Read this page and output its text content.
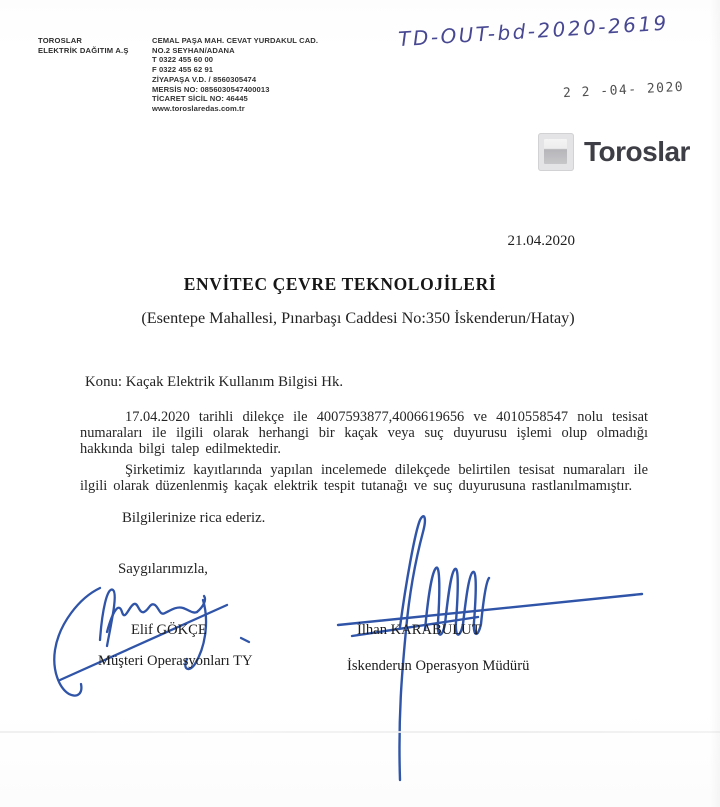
TOROSLAR
ELEKTRİK DAĞITIM A.Ş
CEMAL PAŞA MAH. CEVAT YURDAKUL CAD.
NO.2 SEYHAN/ADANA
T 0322 455 60 00
F 0322 455 62 91
ZİYAPAŞA V.D. / 8560305474
MERSİS NO: 0856030547400013
TİCARET SİCİL NO: 46445
www.toroslaredas.com.tr
TD-OUT-bd-2020-2619
2 2 -04- 2020
Toroslar
21.04.2020
ENVİTEC ÇEVRE TEKNOLOJİLERİ
(Esentepe Mahallesi, Pınarbaşı Caddesi No:350 İskenderun/Hatay)
Konu: Kaçak Elektrik Kullanım Bilgisi Hk.
17.04.2020 tarihli dilekçe ile 4007593877,4006619656 ve 4010558547 nolu tesisat numaraları ile ilgili olarak herhangi bir kaçak veya suç duyurusu işlemi olup olmadığı hakkında bilgi talep edilmektedir.
Şirketimiz kayıtlarında yapılan incelemede dilekçede belirtilen tesisat numaraları ile ilgili olarak düzenlenmiş kaçak elektrik tespit tutanağı ve suç duyurusuna rastlanılmamıştır.
Bilgilerinize rica ederiz.
Saygılarımızla,
Elif GÖKÇE
Müşteri Operasyonları TY
İlhan KARABULUT
İskenderun Operasyon Müdürü
